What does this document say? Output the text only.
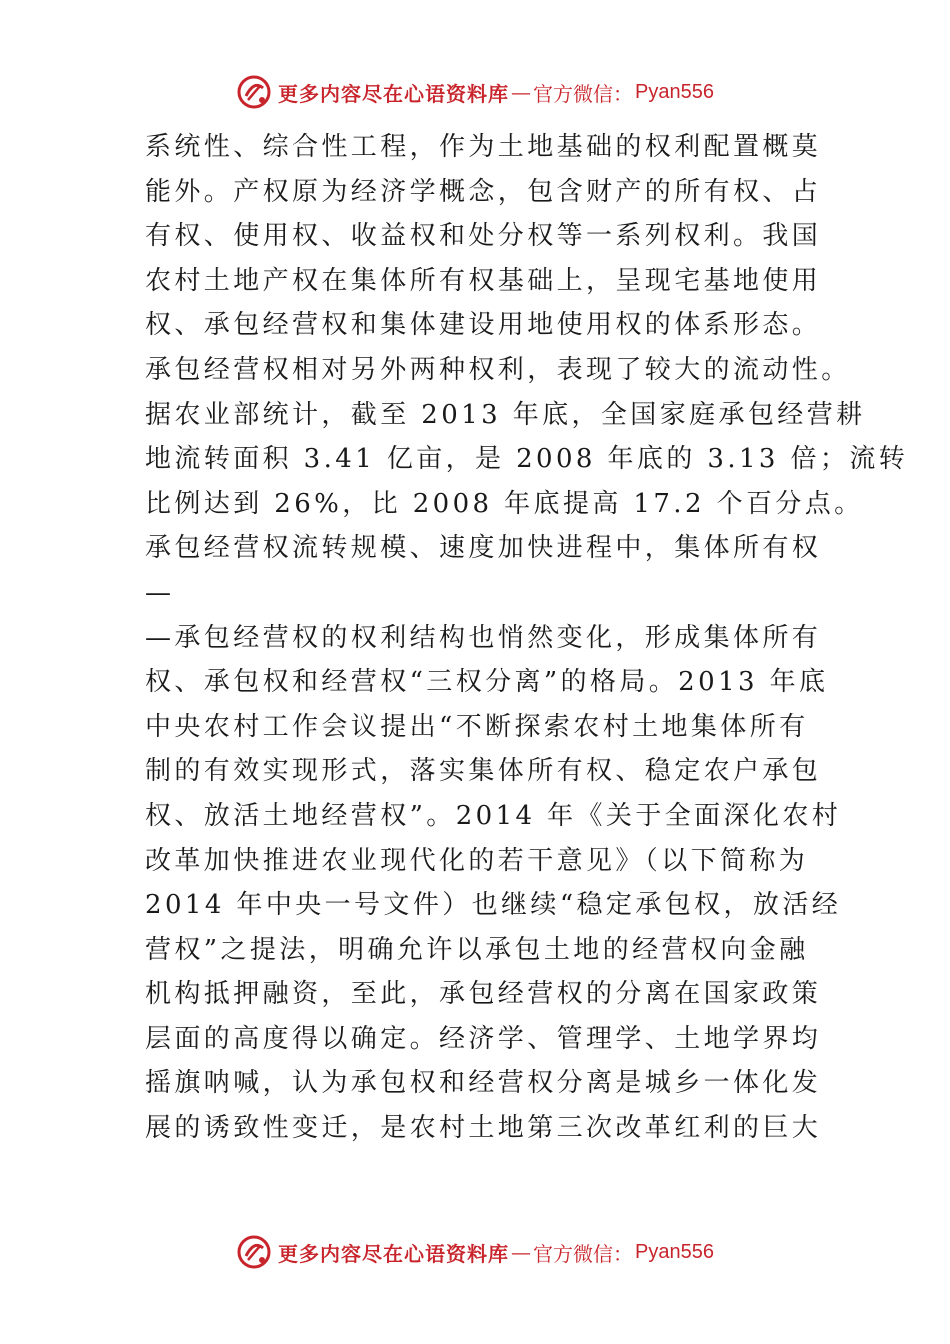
更多内容尽在心语资料库 — 官方微信： Pyan556
系统性、综合性工程，作为土地基础的权利配置概莫
能外。产权原为经济学概念，包含财产的所有权、占
有权、使用权、收益权和处分权等一系列权利。我国
农村土地产权在集体所有权基础上，呈现宅基地使用
权、承包经营权和集体建设用地使用权的体系形态。
承包经营权相对另外两种权利，表现了较大的流动性。
据农业部统计，截至 2013 年底，全国家庭承包经营耕
地流转面积 3.41 亿亩，是 2008 年底的 3.13 倍；流转
比例达到 26%，比 2008 年底提高 17.2 个百分点。
承包经营权流转规模、速度加快进程中，集体所有权
—
—承包经营权的权利结构也悄然变化，形成集体所有
权、承包权和经营权“三权分离”的格局。2013 年底
中央农村工作会议提出“不断探索农村土地集体所有
制的有效实现形式，落实集体所有权、稳定农户承包
权、放活土地经营权”。2014 年《关于全面深化农村
改革加快推进农业现代化的若干意见》（以下简称为
2014 年中央一号文件）也继续“稳定承包权，放活经
营权”之提法，明确允许以承包土地的经营权向金融
机构抵押融资，至此，承包经营权的分离在国家政策
层面的高度得以确定。经济学、管理学、土地学界均
摇旗呐喊，认为承包权和经营权分离是城乡一体化发
展的诱致性变迁，是农村土地第三次改革红利的巨大
更多内容尽在心语资料库 — 官方微信： Pyan556
